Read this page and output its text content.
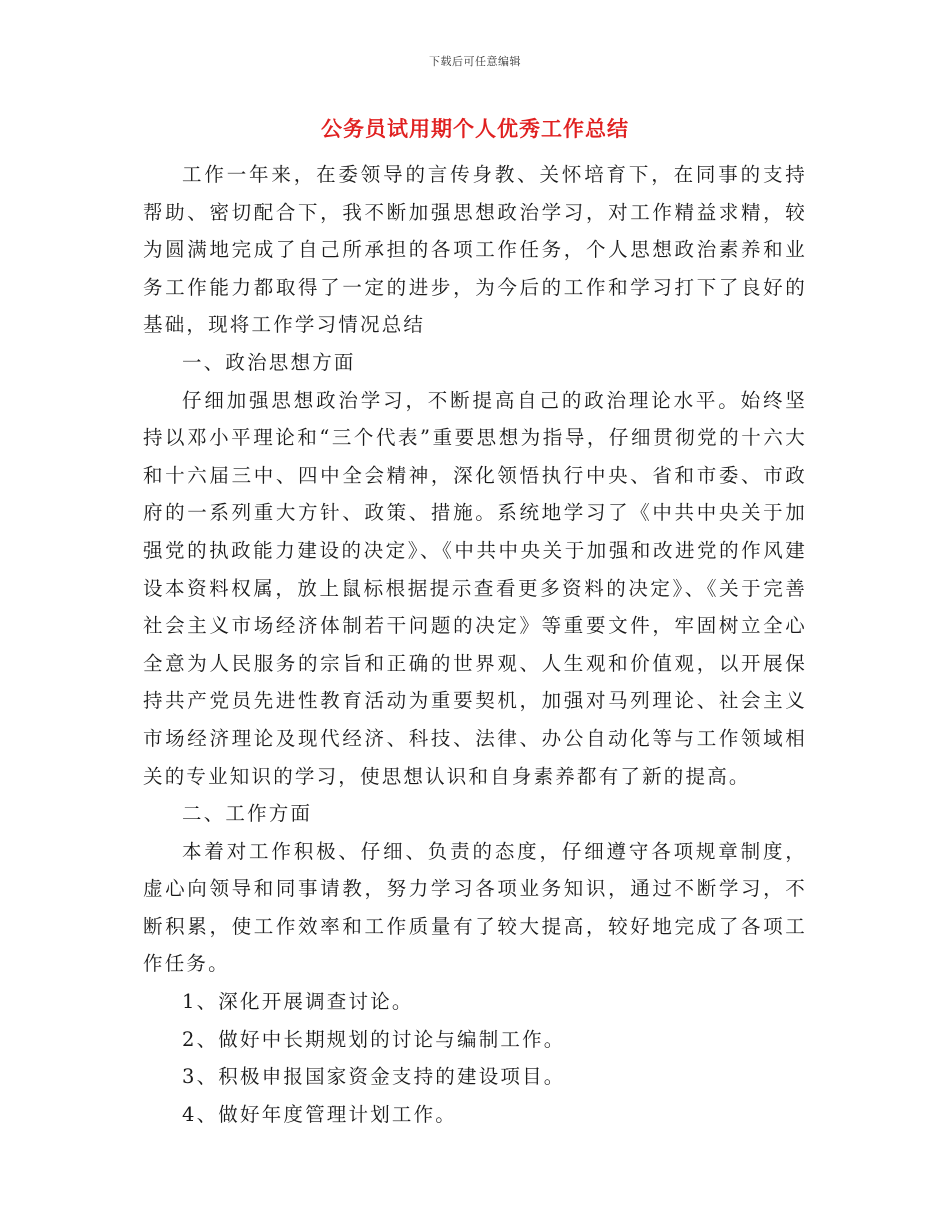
下载后可任意编辑
公务员试用期个人优秀工作总结

工作一年来，在委领导的言传身教、关怀培育下，在同事的支持帮助、密切配合下，我不断加强思想政治学习，对工作精益求精，较为圆满地完成了自己所承担的各项工作任务，个人思想政治素养和业务工作能力都取得了一定的进步，为今后的工作和学习打下了良好的基础，现将工作学习情况总结

一、政治思想方面

仔细加强思想政治学习，不断提高自己的政治理论水平。始终坚持以邓小平理论和“三个代表”重要思想为指导，仔细贯彻党的十六大和十六届三中、四中全会精神，深化领悟执行中央、省和市委、市政府的一系列重大方针、政策、措施。系统地学习了《中共中央关于加强党的执政能力建设的决定》、《中共中央关于加强和改进党的作风建设本资料权属，放上鼠标根据提示查看更多资料的决定》、《关于完善社会主义市场经济体制若干问题的决定》等重要文件，牢固树立全心全意为人民服务的宗旨和正确的世界观、人生观和价值观，以开展保持共产党员先进性教育活动为重要契机，加强对马列理论、社会主义市场经济理论及现代经济、科技、法律、办公自动化等与工作领域相关的专业知识的学习，使思想认识和自身素养都有了新的提高。

二、工作方面

本着对工作积极、仔细、负责的态度，仔细遵守各项规章制度，虚心向领导和同事请教，努力学习各项业务知识，通过不断学习，不断积累，使工作效率和工作质量有了较大提高，较好地完成了各项工作任务。

1、深化开展调查讨论。

2、做好中长期规划的讨论与编制工作。

3、积极申报国家资金支持的建设项目。

4、做好年度管理计划工作。
